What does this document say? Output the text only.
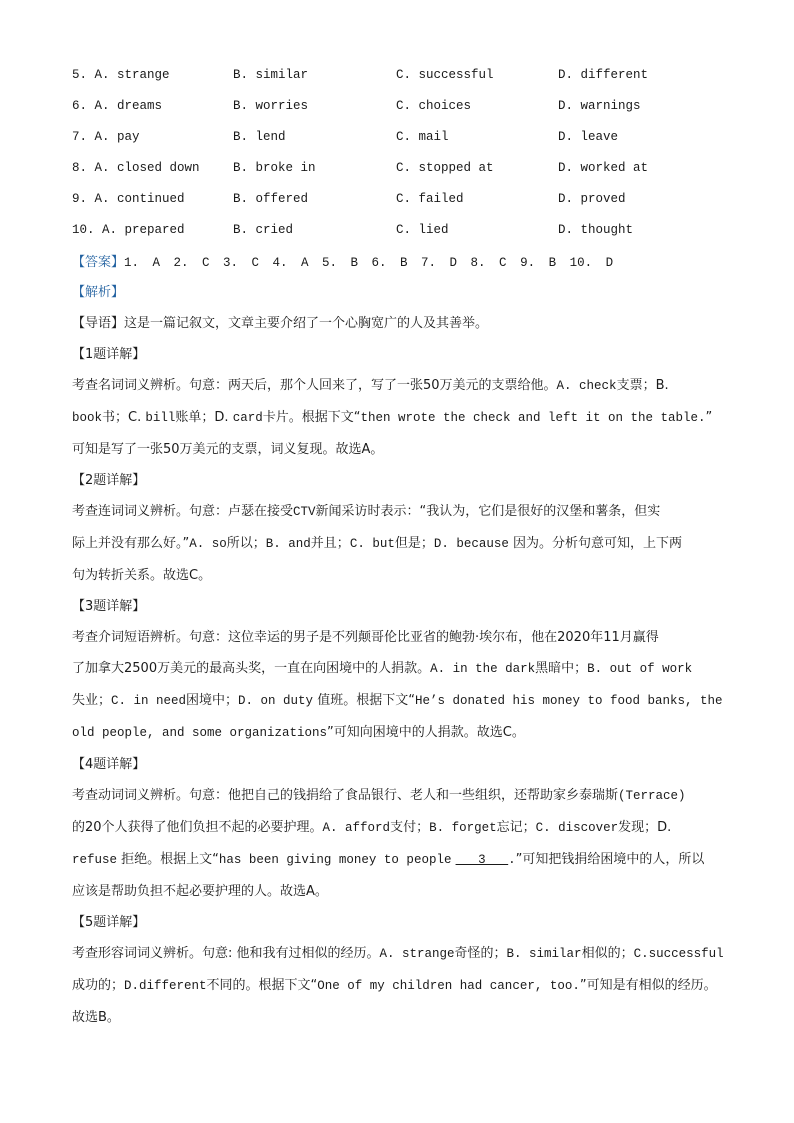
5. A. strange	B. similar	C. successful	D. different
6. A. dreams	B. worries	C. choices	D. warnings
7. A. pay	B. lend	C. mail	D. leave
8. A. closed down	B. broke in	C. stopped at	D. worked at
9. A. continued	B. offered	C. failed	D. proved
10. A. prepared	B. cried	C. lied	D. thought
【答案】1. A 2. C 3. C 4. A 5. B 6. B 7. D 8. C 9. B 10. D
【解析】
【导语】这是一篇记叙文，文章主要介绍了一个心胸宽广的人及其善举。
【1题详解】
考查名词词义辨析。句意：两天后，那个人回来了，写了一张50万美元的支票给他。A. check支票；B.
book书；C. bill账单；D. card卡片。根据下文“then wrote the check and left it on the table.”
可知是写了一张50万美元的支票，词义复现。故选A。
【2题详解】
考查连词词义辨析。句意：卢瑟在接受CTV新闻采访时表示：“我认为，它们是很好的汉堡和薯条，但实
际上并没有那么好。”A. so所以；B. and并且；C. but但是；D. because 因为。分析句意可知，上下两
句为转折关系。故选C。
【3题详解】
考查介词短语辨析。句意：这位幸运的男子是不列颠哥伦比亚省的鲍勃·埃尔布，他在2020年11月赢得
了加拿大2500万美元的最高头奖，一直在向困境中的人捐款。A. in the dark黑暗中；B. out of work
失业；C. in need困境中；D. on duty 值班。根据下文“He’s donated his money to food banks, the
old people, and some organizations”可知向困境中的人捐款。故选C。
【4题详解】
考查动词词义辨析。句意：他把自己的钱捐给了食品银行、老人和一些组织，还帮助家乡泰瑞斯(Terrace)
的20个人获得了他们负担不起的必要护理。A. afford支付；B. forget忘记；C. discover发现；D.
refuse 拒绝。根据上文“has been giving money to people ___3___.”可知把钱捐给困境中的人，所以
应该是帮助负担不起必要护理的人。故选A。
【5题详解】
考查形容词词义辨析。句意: 他和我有过相似的经历。A. strange奇怪的；B. similar相似的；C.successful
成功的；D.different不同的。根据下文“One of my children had cancer, too.”可知是有相似的经历。
故选B。
